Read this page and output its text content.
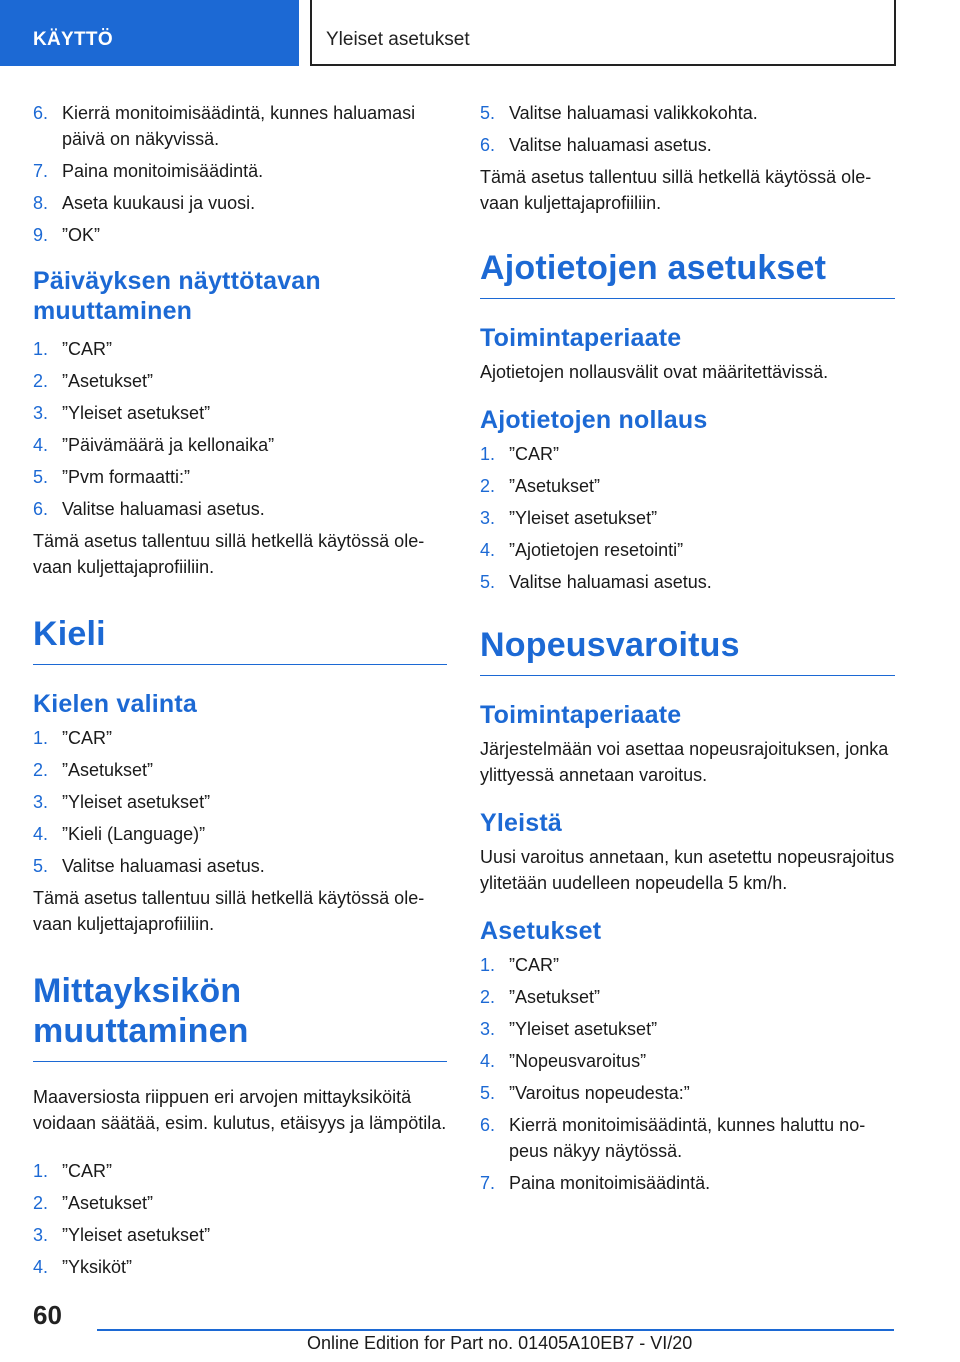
KÄYTTÖ	Yleiset asetukset
6. Kierrä monitoimisäädintä, kunnes haluamasi päivä on näkyvissä.
7. Paina monitoimisäädintä.
8. Aseta kuukausi ja vuosi.
9. ”OK”
Päiväyksen näyttötavan muuttaminen
1. ”CAR”
2. ”Asetukset”
3. ”Yleiset asetukset”
4. ”Päivämäärä ja kellonaika”
5. ”Pvm formaatti:”
6. Valitse haluamasi asetus.

Tämä asetus tallentuu sillä hetkellä käytössä olevaan kuljettajaprofiiliin.

Kieli
Kielen valinta
1. ”CAR”
2. ”Asetukset”
3. ”Yleiset asetukset”
4. ”Kieli (Language)”
5. Valitse haluamasi asetus.

Tämä asetus tallentuu sillä hetkellä käytössä olevaan kuljettajaprofiiliin.

Mittayksikön muuttaminen

Maaversiosta riippuen eri arvojen mittayksiköitä voidaan säätää, esim. kulutus, etäisyys ja lämpötila.

1. ”CAR”
2. ”Asetukset”
3. ”Yleiset asetukset”
4. ”Yksiköt”
5. Valitse haluamasi valikkokohta.
6. Valitse haluamasi asetus.

Tämä asetus tallentuu sillä hetkellä käytössä olevaan kuljettajaprofiiliin.

Ajotietojen asetukset
Toimintaperiaate

Ajotietojen nollausvälit ovat määritettävissä.

Ajotietojen nollaus
1. ”CAR”
2. ”Asetukset”
3. ”Yleiset asetukset”
4. ”Ajotietojen resetointi”
5. Valitse haluamasi asetus.
Nopeusvaroitus
Toimintaperiaate

Järjestelmään voi asettaa nopeusrajoituksen, jonka ylittyessä annetaan varoitus.

Yleistä

Uusi varoitus annetaan, kun asetettu nopeusrajoitus ylitetään uudelleen nopeudella 5 km/h.

Asetukset
1. ”CAR”
2. ”Asetukset”
3. ”Yleiset asetukset”
4. ”Nopeusvaroitus”
5. ”Varoitus nopeudesta:”
6. Kierrä monitoimisäädintä, kunnes haluttu nopeus näkyy näytössä.
7. Paina monitoimisäädintä.
60
Online Edition for Part no. 01405A10EB7 - VI/20
